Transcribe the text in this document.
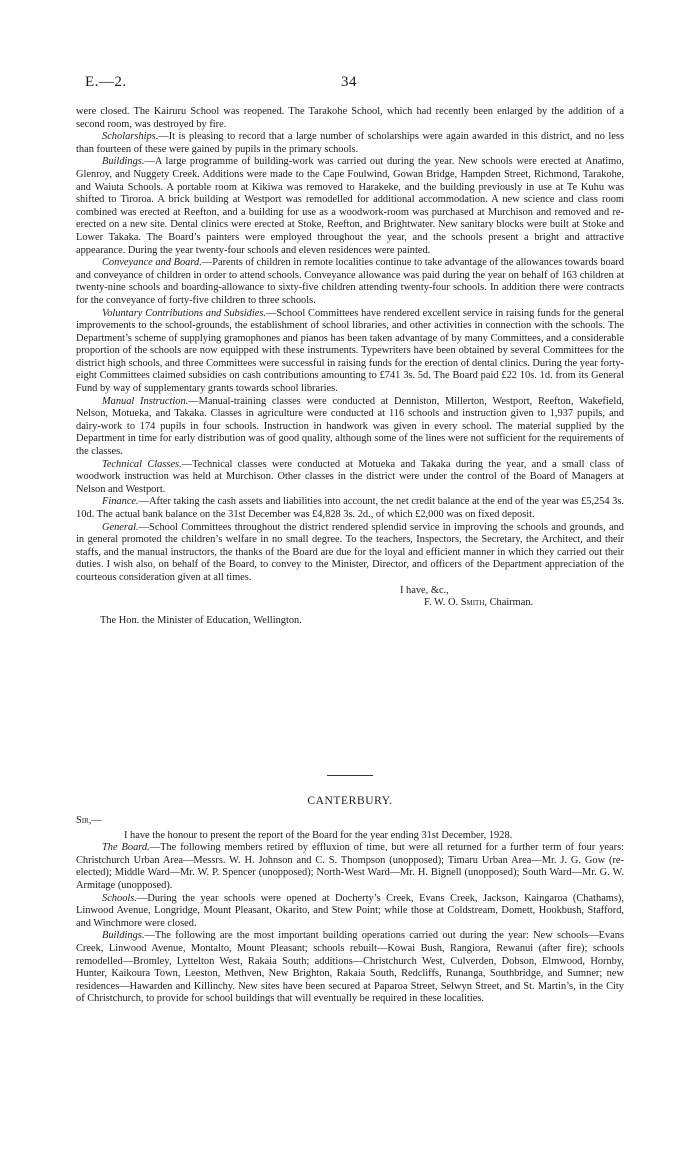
E.—2.	34

were closed. The Kairuru School was reopened. The Tarakohe School, which had recently been enlarged by the addition of a second room, was destroyed by fire.

Scholarships.—It is pleasing to record that a large number of scholarships were again awarded in this district, and no less than fourteen of these were gained by pupils in the primary schools.

Buildings.—A large programme of building-work was carried out during the year. New schools were erected at Anatimo, Glenroy, and Nuggety Creek. Additions were made to the Cape Foulwind, Gowan Bridge, Hampden Street, Richmond, Tarakohe, and Waiuta Schools. A portable room at Kikiwa was removed to Harakeke, and the building previously in use at Te Kuhu was shifted to Tiroroa. A brick building at Westport was remodelled for additional accommodation. A new science and class room combined was erected at Reefton, and a building for use as a woodwork-room was purchased at Murchison and removed and re-erected on a new site. Dental clinics were erected at Stoke, Reefton, and Brightwater. New sanitary blocks were built at Stoke and Lower Takaka. The Board’s painters were employed throughout the year, and the schools present a bright and attractive appearance. During the year twenty-four schools and eleven residences were painted.

Conveyance and Board.—Parents of children in remote localities continue to take advantage of the allowances towards board and conveyance of children in order to attend schools. Conveyance allowance was paid during the year on behalf of 163 children at twenty-nine schools and boarding-allowance to sixty-five children attending twenty-four schools. In addition there were contracts for the conveyance of forty-five children to three schools.

Voluntary Contributions and Subsidies.—School Committees have rendered excellent service in raising funds for the general improvements to the school-grounds, the establishment of school libraries, and other activities in connection with the schools. The Department’s scheme of supplying gramophones and pianos has been taken advantage of by many Committees, and a considerable proportion of the schools are now equipped with these instruments. Typewriters have been obtained by several Committees for the district high schools, and three Committees were successful in raising funds for the erection of dental clinics. During the year forty-eight Committees claimed subsidies on cash contributions amounting to £741 3s. 5d. The Board paid £22 10s. 1d. from its General Fund by way of supplementary grants towards school libraries.

Manual Instruction.—Manual-training classes were conducted at Denniston, Millerton, Westport, Reefton, Wakefield, Nelson, Motueka, and Takaka. Classes in agriculture were conducted at 116 schools and instruction given to 1,937 pupils, and dairy-work to 174 pupils in four schools. Instruction in handwork was given in every school. The material supplied by the Department in time for early distribution was of good quality, although some of the lines were not sufficient for the requirements of the classes.

Technical Classes.—Technical classes were conducted at Motueka and Takaka during the year, and a small class of woodwork instruction was held at Murchison. Other classes in the district were under the control of the Board of Managers at Nelson and Westport.

Finance.—After taking the cash assets and liabilities into account, the net credit balance at the end of the year was £5,254 3s. 10d. The actual bank balance on the 31st December was £4,828 3s. 2d., of which £2,000 was on fixed deposit.

General.—School Committees throughout the district rendered splendid service in improving the schools and grounds, and in general promoted the children’s welfare in no small degree. To the teachers, Inspectors, the Secretary, the Architect, and their staffs, and the manual instructors, the thanks of the Board are due for the loyal and efficient manner in which they carried out their duties. I wish also, on behalf of the Board, to convey to the Minister, Director, and officers of the Department appreciation of the courteous consideration given at all times.

I have, &c.,
F. W. O. Smith, Chairman.
The Hon. the Minister of Education, Wellington.
CANTERBURY.
Sir,—

I have the honour to present the report of the Board for the year ending 31st December, 1928.

The Board.—The following members retired by effluxion of time, but were all returned for a further term of four years: Christchurch Urban Area—Messrs. W. H. Johnson and C. S. Thompson (unopposed); Timaru Urban Area—Mr. J. G. Gow (re-elected); Middle Ward—Mr. W. P. Spencer (unopposed); North-West Ward—Mr. H. Bignell (unopposed); South Ward—Mr. G. W. Armitage (unopposed).

Schools.—During the year schools were opened at Docherty’s Creek, Evans Creek, Jackson, Kaingaroa (Chathams), Linwood Avenue, Longridge, Mount Pleasant, Okarito, and Stew Point; while those at Coldstream, Domett, Hookbush, Stafford, and Winchmore were closed.

Buildings.—The following are the most important building operations carried out during the year: New schools—Evans Creek, Linwood Avenue, Montalto, Mount Pleasant; schools rebuilt—Kowai Bush, Rangiora, Rewanui (after fire); schools remodelled—Bromley, Lyttelton West, Rakaia South; additions—Christchurch West, Culverden, Dobson, Elmwood, Hornby, Hunter, Kaikoura Town, Leeston, Methven, New Brighton, Rakaia South, Redcliffs, Runanga, Southbridge, and Sumner; new residences—Hawarden and Killinchy. New sites have been secured at Paparoa Street, Selwyn Street, and St. Martin’s, in the City of Christchurch, to provide for school buildings that will eventually be required in these localities.
